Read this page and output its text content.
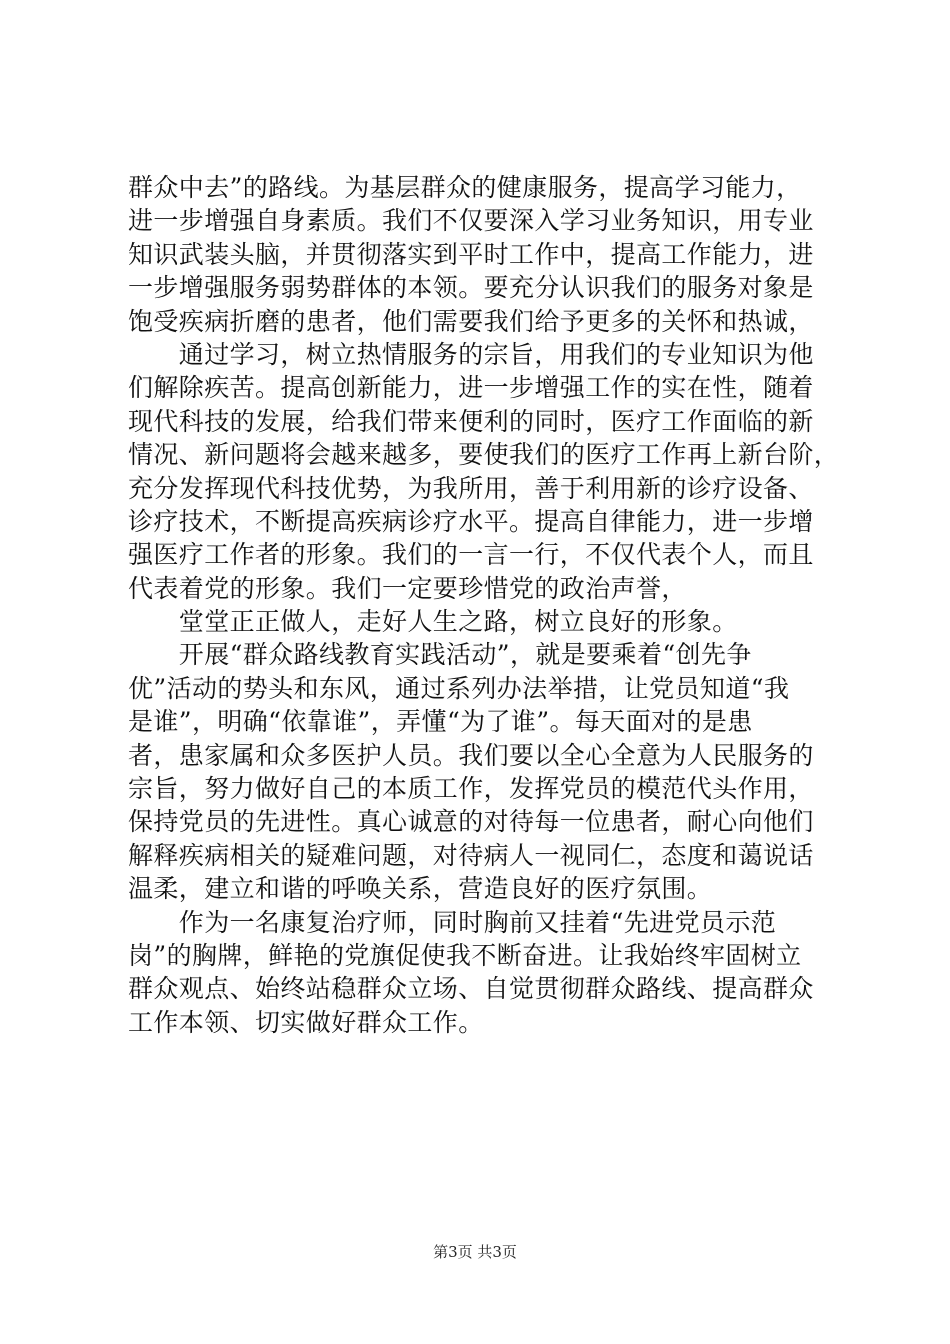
群众中去”的路线。为基层群众的健康服务，提高学习能力，
进一步增强自身素质。我们不仅要深入学习业务知识，用专业
知识武装头脑，并贯彻落实到平时工作中，提高工作能力，进
一步增强服务弱势群体的本领。要充分认识我们的服务对象是
饱受疾病折磨的患者，他们需要我们给予更多的关怀和热诚，
　　通过学习，树立热情服务的宗旨，用我们的专业知识为他
们解除疾苦。提高创新能力，进一步增强工作的实在性，随着
现代科技的发展，给我们带来便利的同时，医疗工作面临的新
情况、新问题将会越来越多，要使我们的医疗工作再上新台阶，
充分发挥现代科技优势，为我所用，善于利用新的诊疗设备、
诊疗技术，不断提高疾病诊疗水平。提高自律能力，进一步增
强医疗工作者的形象。我们的一言一行，不仅代表个人，而且
代表着党的形象。我们一定要珍惜党的政治声誉，
　　堂堂正正做人，走好人生之路，树立良好的形象。
　　开展“群众路线教育实践活动”，就是要乘着“创先争
优”活动的势头和东风，通过系列办法举措，让党员知道“我
是谁”，明确“依靠谁”，弄懂“为了谁”。每天面对的是患
者，患家属和众多医护人员。我们要以全心全意为人民服务的
宗旨，努力做好自己的本质工作，发挥党员的模范代头作用，
保持党员的先进性。真心诚意的对待每一位患者，耐心向他们
解释疾病相关的疑难问题，对待病人一视同仁，态度和蔼说话
温柔，建立和谐的呼唤关系，营造良好的医疗氛围。
　　作为一名康复治疗师，同时胸前又挂着“先进党员示范
岗”的胸牌，鲜艳的党旗促使我不断奋进。让我始终牢固树立
群众观点、始终站稳群众立场、自觉贯彻群众路线、提高群众
工作本领、切实做好群众工作。
第3页 共3页
